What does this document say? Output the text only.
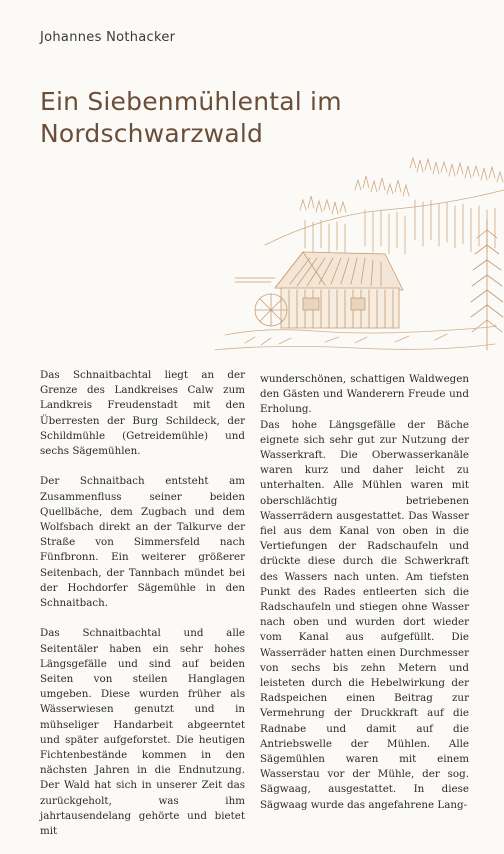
Johannes Nothacker
Ein Siebenmühlental im
Nordschwarzwald

Das Schnaitbachtal liegt an der Grenze des Landkreises Calw zum Landkreis Freudenstadt mit den Überresten der Burg Schildeck, der Schildmühle (Getreidemühle) und sechs Sägemühlen.

Der Schnaitbach entsteht am Zusammenfluss seiner beiden Quellbäche, dem Zugbach und dem Wolfsbach direkt an der Talkurve der Straße von Simmersfeld nach Fünfbronn. Ein weiterer größerer Seitenbach, der Tannbach mündet bei der Hochdorfer Sägemühle in den Schnaitbach.

Das Schnaitbachtal und alle Seitentäler haben ein sehr hohes Längsgefälle und sind auf beiden Seiten von steilen Hanglagen umgeben. Diese wurden früher als Wässerwiesen genutzt und in mühseliger Handarbeit abgeerntet und später aufgeforstet. Die heutigen Fichtenbestände kommen in den nächsten Jahren in die Endnutzung. Der Wald hat sich in unserer Zeit das zurückgeholt, was ihm jahrtausendelang gehörte und bietet mit

wunderschönen, schattigen Waldwegen den Gästen und Wanderern Freude und Erholung.

Das hohe Längsgefälle der Bäche eignete sich sehr gut zur Nutzung der Wasserkraft. Die Oberwasserkanäle waren kurz und daher leicht zu unterhalten. Alle Mühlen waren mit oberschlächtig betriebenen Wasserrädern ausgestattet. Das Wasser fiel aus dem Kanal von oben in die Vertiefungen der Radschaufeln und drückte diese durch die Schwerkraft des Wassers nach unten. Am tiefsten Punkt des Rades entleerten sich die Radschaufeln und stiegen ohne Wasser nach oben und wurden dort wieder vom Kanal aus aufgefüllt. Die Wasserräder hatten einen Durchmesser von sechs bis zehn Metern und leisteten durch die Hebelwirkung der Radspeichen einen Beitrag zur Vermehrung der Druckkraft auf die Radnabe und damit auf die Antriebswelle der Mühlen. Alle Sägemühlen waren mit einem Wasserstau vor der Mühle, der sog. Sägwaag, ausgestattet. In diese Sägwaag wurde das angefahrene Lang-
